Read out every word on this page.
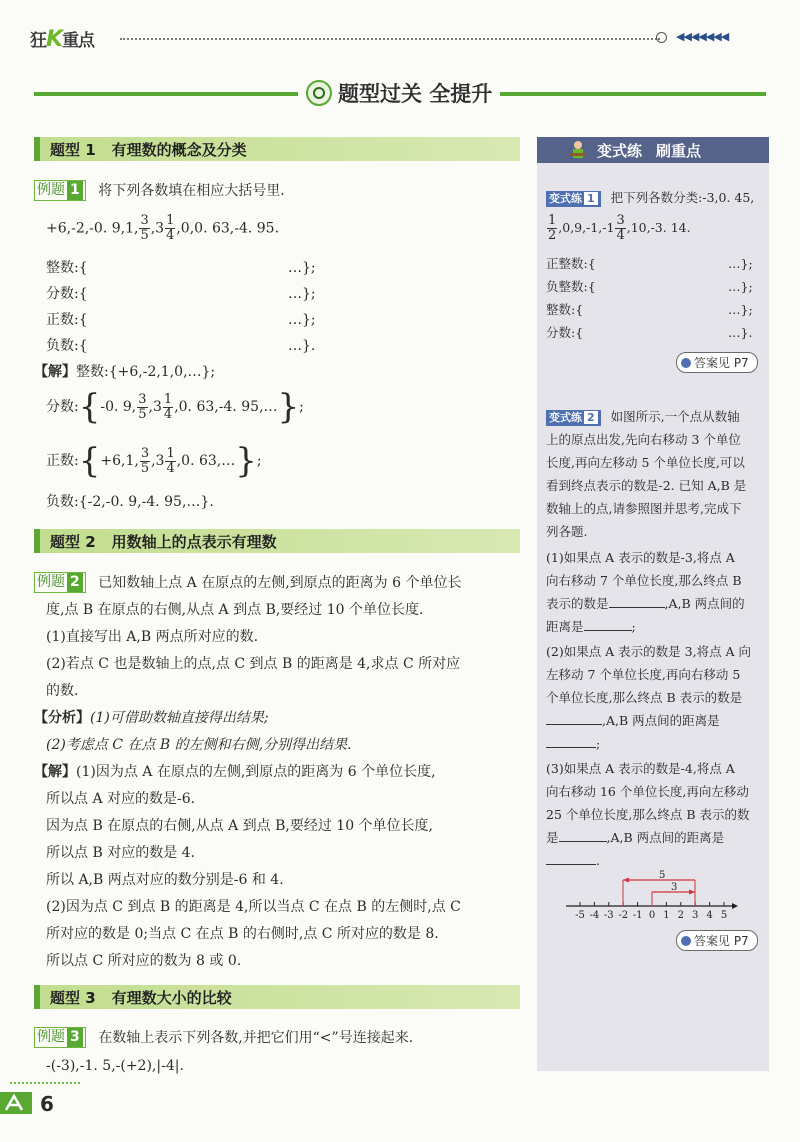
狂K重点	◀◀◀◀◀◀◀
题型过关 全提升
题型 1 有理数的概念及分类
例题 1 将下列各数填在相应大括号里.
+6,-2,-0. 9,1, $\frac{3}{5} ,3 \frac{1}{4} ,0,0$. 63,-4. 95.
整数:{	…};
分数:{	…};
正数:{	…};
负数:{	…}.
【解】整数:{+6,-2,1,0,…};
分数:{-0. 9, $\frac{3}{5} ,3 \frac{1}{4} ,0$. 63,-4. 95,…};
正数:{+6,1, $\frac{3}{5} ,3 \frac{1}{4} ,0$. 63,…};
负数:{-2,-0. 9,-4. 95,…}.
题型 2 用数轴上的点表示有理数
例题 2 已知数轴上点 A 在原点的左侧,到原点的距离为 6 个单位长
度,点 B 在原点的右侧,从点 A 到点 B,要经过 10 个单位长度.
(1)直接写出 A,B 两点所对应的数.
(2)若点 C 也是数轴上的点,点 C 到点 B 的距离是 4,求点 C 所对应
的数.
【分析】(1)可借助数轴直接得出结果;
(2)考虑点 C 在点 B 的左侧和右侧,分别得出结果.
【解】(1)因为点 A 在原点的左侧,到原点的距离为 6 个单位长度,
所以点 A 对应的数是-6.
因为点 B 在原点的右侧,从点 A 到点 B,要经过 10 个单位长度,
所以点 B 对应的数是 4.
所以 A,B 两点对应的数分别是-6 和 4.
(2)因为点 C 到点 B 的距离是 4,所以当点 C 在点 B 的左侧时,点 C
所对应的数是 0;当点 C 在点 B 的右侧时,点 C 所对应的数是 8.
所以点 C 所对应的数为 8 或 0.
题型 3 有理数大小的比较
例题 3 在数轴上表示下列各数,并把它们用“<”号连接起来.
-(-3),-1. 5,-(+2),|-4|.
变式练 刷重点
变式练 1 把下列各数分类:-3,0. 45,
$\frac{1}{2} ,0,9,-1,-1 \frac{3}{4} ,10,-3$. 14.
正整数:{	…};
负整数:{	…};
整数:{	…};
分数:{	…}.
答案见 P7
变式练 2 如图所示,一个点从数轴
上的原点出发,先向右移动 3 个单位
长度,再向左移动 5 个单位长度,可以
看到终点表示的数是-2. 已知 A,B 是
数轴上的点,请参照图并思考,完成下
列各题.
(1)如果点 A 表示的数是-3,将点 A
向右移动 7 个单位长度,那么终点 B
表示的数是	,A,B 两点间的
距离是	;
(2)如果点 A 表示的数是 3,将点 A 向
左移动 7 个单位长度,再向右移动 5
个单位长度,那么终点 B 表示的数是
,A,B 两点间的距离是
;
(3)如果点 A 表示的数是-4,将点 A
向右移动 16 个单位长度,再向左移动
25 个单位长度,那么终点 B 表示的数
是	,A,B 两点间的距离是
.
-5 -4 -3 -2 -1 0 1 2 3 4 5
5
3
答案见 P7
6
